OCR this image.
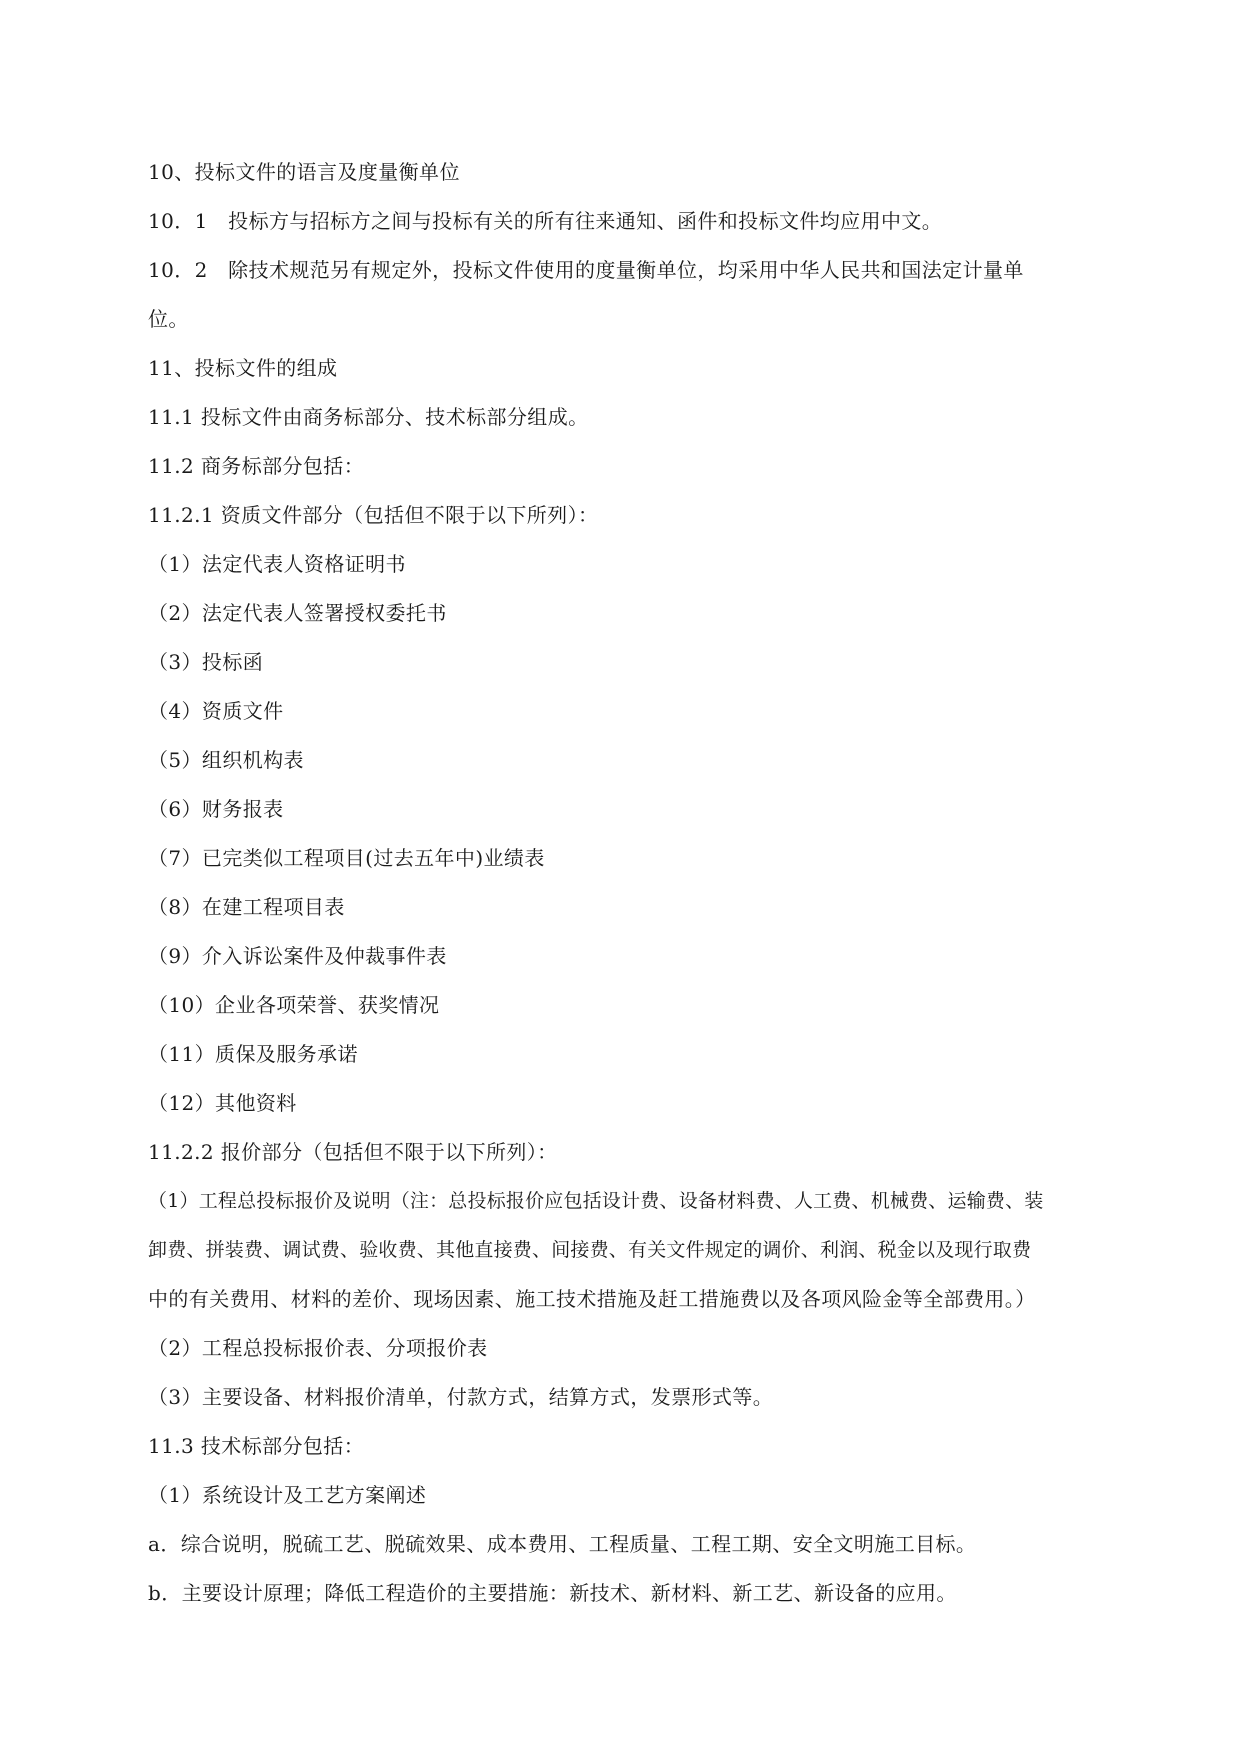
10、投标文件的语言及度量衡单位
10．1　投标方与招标方之间与投标有关的所有往来通知、函件和投标文件均应用中文。
10．2　除技术规范另有规定外，投标文件使用的度量衡单位，均采用中华人民共和国法定计量单
位。
11、投标文件的组成
11.1 投标文件由商务标部分、技术标部分组成。
11.2 商务标部分包括：
11.2.1 资质文件部分（包括但不限于以下所列）：
（1）法定代表人资格证明书
（2）法定代表人签署授权委托书
（3）投标函
（4）资质文件
（5）组织机构表
（6）财务报表
（7）已完类似工程项目(过去五年中)业绩表
（8）在建工程项目表
（9）介入诉讼案件及仲裁事件表
（10）企业各项荣誉、获奖情况
（11）质保及服务承诺
（12）其他资料
11.2.2 报价部分（包括但不限于以下所列）：
（1）工程总投标报价及说明（注：总投标报价应包括设计费、设备材料费、人工费、机械费、运输费、装
卸费、拼装费、调试费、验收费、其他直接费、间接费、有关文件规定的调价、利润、税金以及现行取费
中的有关费用、材料的差价、现场因素、施工技术措施及赶工措施费以及各项风险金等全部费用。）
（2）工程总投标报价表、分项报价表
（3）主要设备、材料报价清单，付款方式，结算方式，发票形式等。
11.3 技术标部分包括：
（1）系统设计及工艺方案阐述
a．综合说明，脱硫工艺、脱硫效果、成本费用、工程质量、工程工期、安全文明施工目标。
b．主要设计原理；降低工程造价的主要措施：新技术、新材料、新工艺、新设备的应用。
